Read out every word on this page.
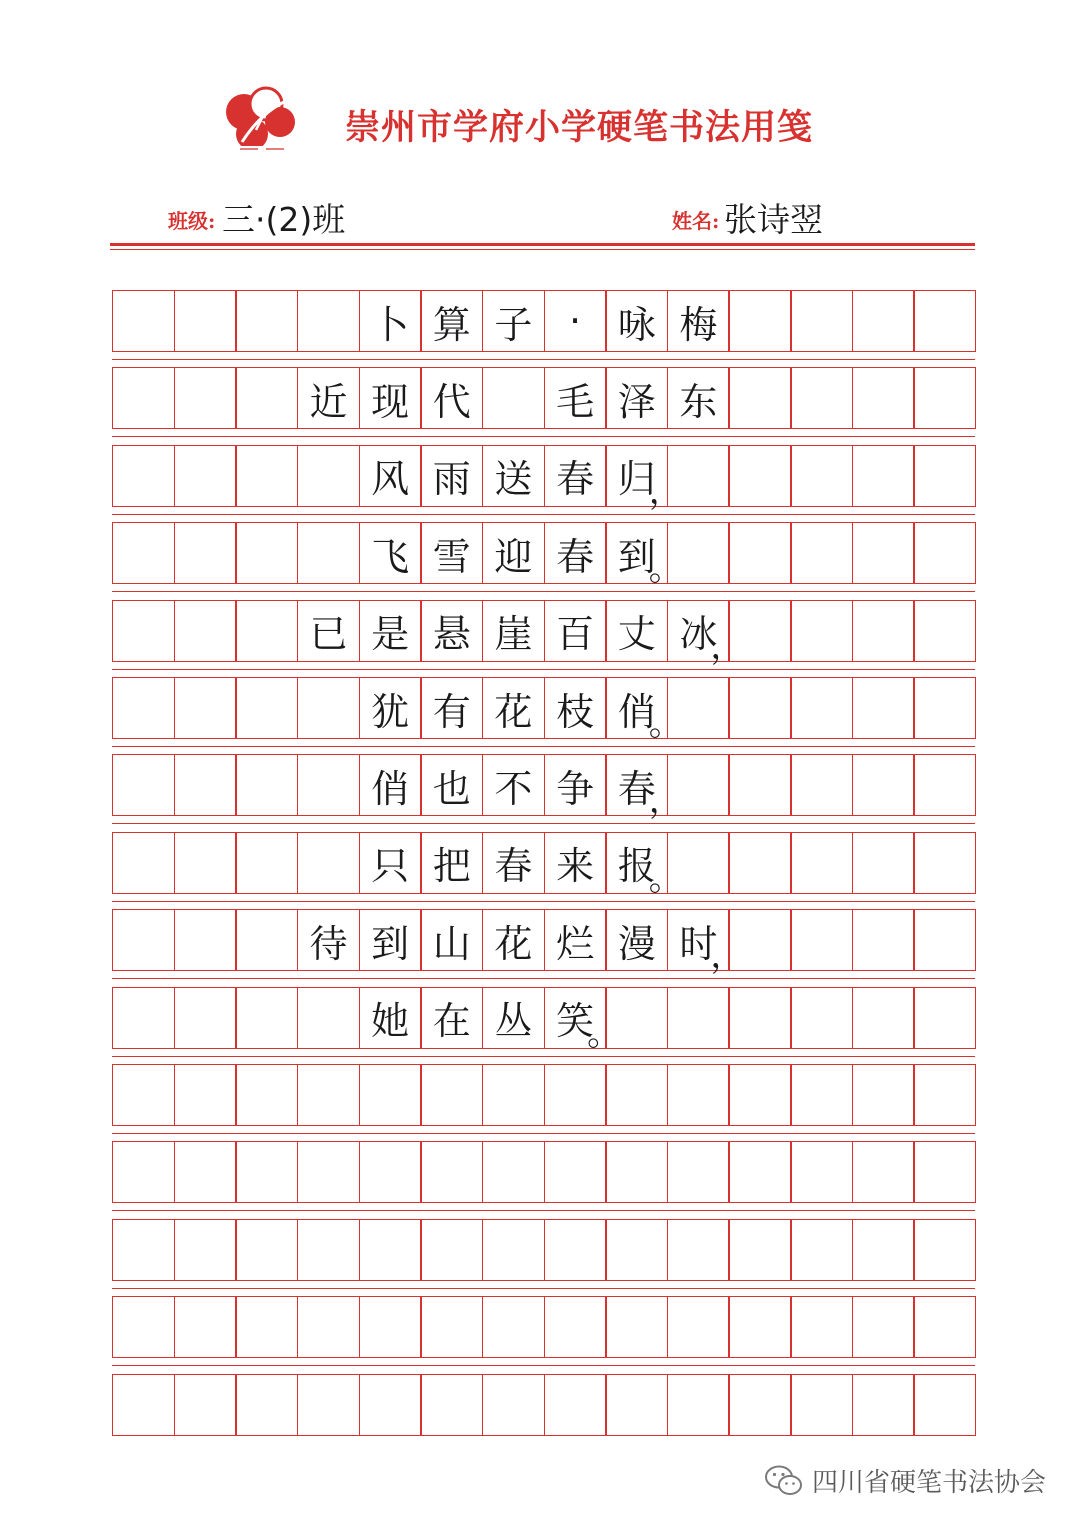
崇州市学府小学硬笔书法用笺
班级: 三·(2)班	姓名: 张诗翌
卜 算 子 · 咏 梅
近 现 代	毛 泽 东
风 雨 送 春 归
飞 雪 迎 春 到
已 是 悬 崖 百 丈 冰
犹 有 花 枝 俏
俏 也 不 争 春
只 把 春 来 报
待 到 山 花 烂 漫 时
她 在 丛 笑
，
。
，
。
，
。
，
。
四川省硬笔书法协会
